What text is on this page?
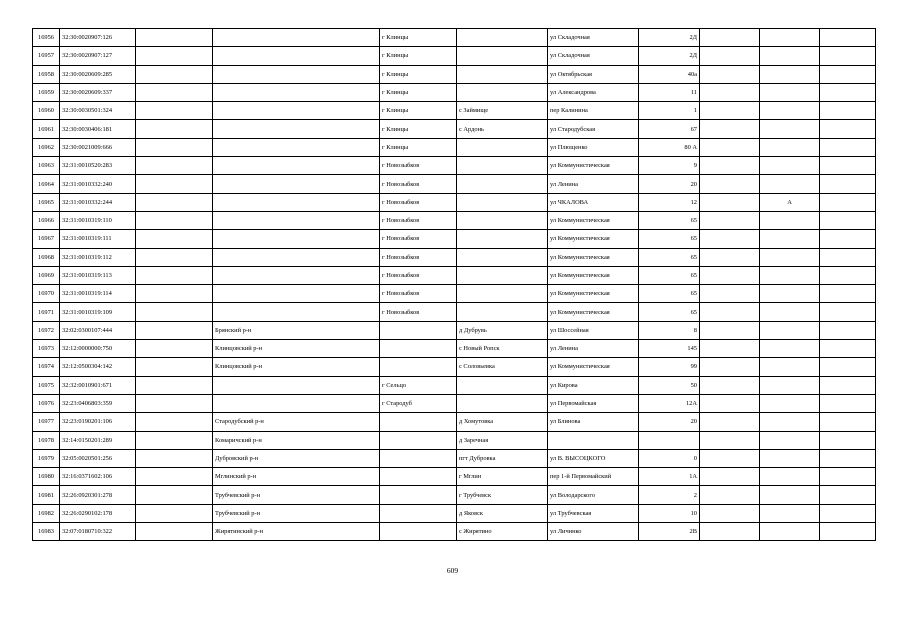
16956	32:30:0020907:126			г Клинцы		ул Складочная	2Д			
16957	32:30:0020907:127			г Клинцы		ул Складочная	2Д			
16958	32:30:0020609:285			г Клинцы		ул Октябрьская	40а			
16959	32:30:0020609:337			г Клинцы		ул Александрова	11			
16960	32:30:0030501:324			г Клинцы	с Займище	пер Калинина	1			
16961	32:30:0030406:181			г Клинцы	с Ардонь	ул Стародубская	67			
16962	32:30:0021009:666			г Клинцы		ул Плющенко	80 А			
16963	32:31:0010520:283			г Новозыбков		ул Коммунистическая	9			
16964	32:31:0010332:240			г Новозыбков		ул Ленина	20			
16965	32:31:0010332:244			г Новозыбков		ул ЧКАЛОВА	12		А	
16966	32:31:0010319:110			г Новозыбков		ул Коммунистическая	65			
16967	32:31:0010319:111			г Новозыбков		ул Коммунистическая	65			
16968	32:31:0010319:112			г Новозыбков		ул Коммунистическая	65			
16969	32:31:0010319:113			г Новозыбков		ул Коммунистическая	65			
16970	32:31:0010319:114			г Новозыбков		ул Коммунистическая	65			
16971	32:31:0010319:109			г Новозыбков		ул Коммунистическая	65			
16972	32:02:0300107:444		Брянский р-н		д Дубрувь	ул Шоссейная	8			
16973	32:12:0000000:750		Клинцовский р-н		с Новый Ропск	ул Ленина	145			
16974	32:12:0500304:142		Клинцовский р-н		с Соловьевка	ул Коммунистическая	99			
16975	32:32:0010901:671			г Сельцо		ул Кирова	50			
16976	32:23:0406803:359			г Стародуб		ул Первомайская	12А			
16977	32:23:0190201:106		Стародубский р-н		д Хомутовка	ул Блинова	20			
16978	32:14:0150201:289		Комаричский р-н		д Заречная					
16979	32:05:0020501:256		Дубровский р-н		пгт Дубровка	ул В. ВЫСОЦКОГО	0			
16980	32:16:0371602:106		Мглинский р-н		г Мглин	пер 1-й Первомайский	1А			
16981	32:26:0920301:278		Трубчевский р-н		г Трубчевск	ул Володарского	2			
16982	32:26:0290102:178		Трубчевский р-н		д Яковск	ул Трубчевская	10			
16983	32:07:0180710:322		Жирятинский р-н		с Жирятино	ул Личинко	2В			
609
